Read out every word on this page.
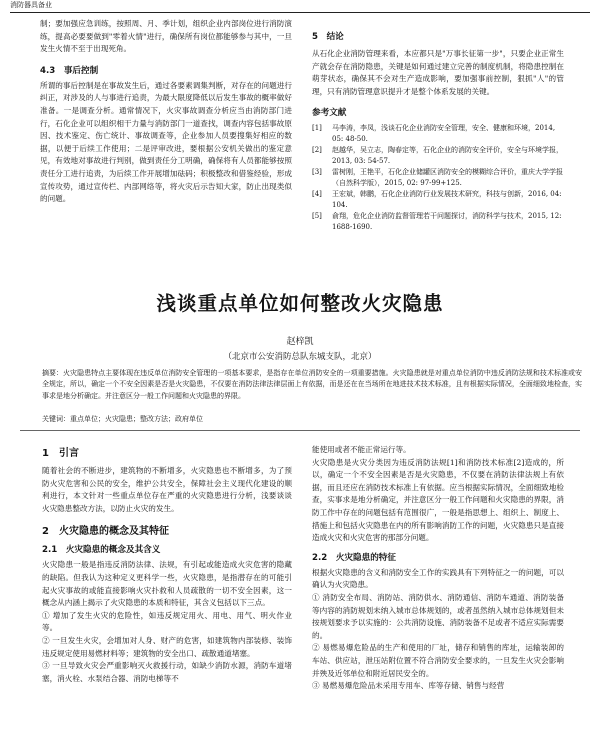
消防器具备业

制；要加强应急训练，按照周、月、季计划，组织企业内部岗位进行消防演练，提高必要要做到"零着火情"进行，确保所有岗位都能够参与其中，一旦发生火情不至于出现死角。

4.3　事后控制

所谓的事后控制是在事故发生后，通过各要素调集判断，对存在的问题进行纠正，对涉及的人与事进行追责，为最大限度降低以后发生事故的概率做好准备。一是调查分析。通常情况下，火灾事故调查分析应当由消防部门进行，石化企业可以组织相干力量与消防部门一道查找，调查内容包括事故原因、技术鉴定、伤亡统计、事故调查等，企业参加人员要搜集好相应的数据，以便于后续工作使用；二是评审改进，要根据公安机关做出的鉴定意见，有效地对事故进行判别，做到责任分工明确，确保将有人员都能够按照责任分工进行追责，为后续工作开展增加砝码；积极整改和借鉴经验，形成宣传攻势，通过宣传栏、内部网络等，将火灾后示告知大家，防止出现类似的问题。

5　结论

从石化企业消防管理来看，本应都只是"万事长征第一步"，只要企业正常生产就会存在消防隐患，关键是如何通过建立完善的制度机制，将隐患控制在萌芽状态，确保其不会对生产造成影响，要加强事前控制，狠抓"人"的管理，只有消防管理意识提升才是整个体系发展的关键。

参考文献

[1]	马李涛，李凤，浅谈石化企业消防安全管理，安全、健康和环境，2014, 05: 48-50.
[2]	赵越华，吴立志，陶春定等，石化企业的消防安全评价，安全与环境学报，2013, 03: 54-57.
[3]	雷树刚，王艳平，石化企业储罐区消防安全的模糊综合评价，重庆大学学报（自然科学版），2015, 02: 97-99+125.
[4]	王宏斌，韩鹏，石化企业消防行业发展技术研究，科技与创新，2016, 04: 104.
[5]	俞翔，危化企业消防监督管理若干问题探讨，消防科学与技术，2015, 12: 1688-1690.
浅谈重点单位如何整改火灾隐患
赵梓凯
（北京市公安消防总队东城支队，北京）
摘要：火灾隐患特点主要体现在违反单位消防安全管理的一项基本要求，是指存在单位消防安全的一项重要措施。火灾隐患就是对重点单位消防中违反消防法规和技术标准或安全规定，所以，确定一个不安全因素是否是火灾隐患，不仅要在消防法律法律层面上有依据，而是还在在当场所在地进技术技术标准，且有根据实际情况，全面细致地检查，实事求是地分析确定。并注意区分一般工作问题和火灾隐患的界限。
关键词：重点单位；火灾隐患；整改方法；政府单位

1　引言

随着社会的不断进步，建筑物的不断增多，火灾隐患也不断增多，为了预防火灾危害和公民的安全，维护公共安全，保障社会主义现代化建设的顺利进行，本文针对一些重点单位存在严重的火灾隐患进行分析，浅要谈谈火灾隐患整改方法，以防止火灾的发生。

2　火灾隐患的概念及其特征

2.1　火灾隐患的概念及其含义

火灾隐患一般是指违反消防法律、法规，有引起或能造成火灾危害的隐藏的缺陷。但我认为这种定义更科学一些，火灾隐患，是指潜存在的可能引起火灾事故的或能直接影响火灾扑救和人员疏散的一切不安全因素，这一概念从内涵上揭示了火灾隐患的本质和特征，其含义包括以下三点。

① 增加了发生火灾的危险性，如违反规定用火、用电、用气、明火作业等。

② 一旦发生火灾，会增加对人身、财产的危害，如建筑物内部装修、装饰违反规定使用易燃材料等；建筑物的安全出口、疏散通道堵塞。

③ 一旦导致火灾会严重影响灭火救援行动，如缺少消防水源，消防车道堵塞，消火栓、水泵结合器、消防电梯等不

能使用或者不能正常运行等。

火灾隐患是火灾分类因为违反消防法规[1]和消防技术标准[2]造成的，所以，确定一个不安全因素是否是火灾隐患，不仅要在消防法律法规上有依据，而且还应在消防技术标准上有依据。应当根据实际情况，全面细致地检查，实事求是地分析确定，并注意区分一般工作问题和火灾隐患的界限，消防工作中存在的问题包括有范围很广，一般是指思想上、组织上、制度上、措施上和包括火灾隐患在内的所有影响消防工作的问题，火灾隐患只是直接造成火灾和火灾危害的那部分问题。

2.2　火灾隐患的特征

根据火灾隐患的含义和消防安全工作的实践具有下列特征之一的问题，可以确认为火灾隐患。

① 消防安全布局、消防站、消防供水、消防通信、消防车通道、消防装备等内容的消防规划未纳入城市总体规划的，或者虽然纳入城市总体规划但未按规划要求予以实施的：公共消防设施、消防装备不足或者不适应实际需要的。

② 易燃易爆危险品的生产和使用的厂址，储存和销售的库址，运输装卸的车站、供应站，泄压站附位置不符合消防安全要求的，一旦发生火灾会影响并殃及近邻单位和附近居民安全的。

③ 易燃易爆危险品未采用专用车、库等存储、销售与经营
